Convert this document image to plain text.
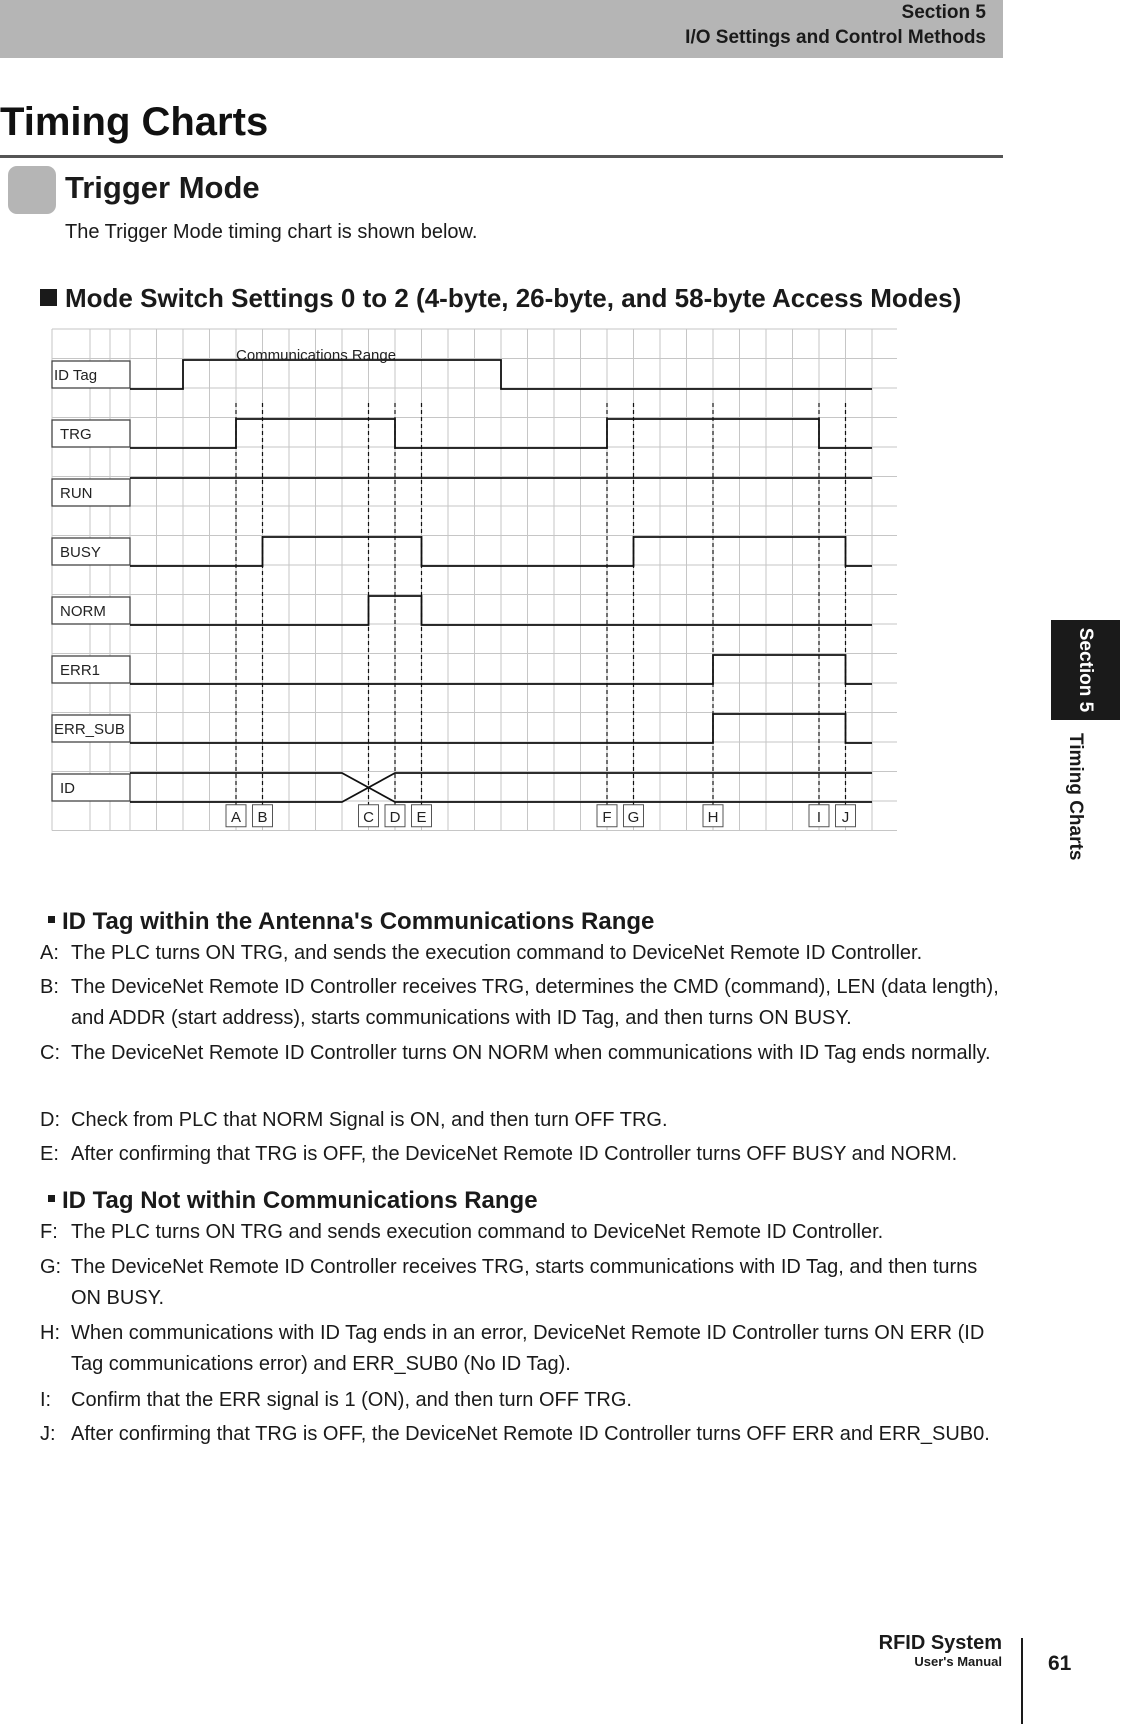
Section 5
I/O Settings and Control Methods
Timing Charts
Trigger Mode
The Trigger Mode timing chart is shown below.
Mode Switch Settings 0 to 2 (4-byte, 26-byte, and 58-byte Access Modes)
ID Tag
TRG
RUN
BUSY
NORM
ERR1
ERR_SUB
ID
Communications Range
A B	C D E	F G	H	I J
ID Tag within the Antenna's Communications Range
A: The PLC turns ON TRG, and sends the execution command to DeviceNet Remote ID Controller.
B: The DeviceNet Remote ID Controller receives TRG, determines the CMD (command), LEN (data length), and ADDR (start address), starts communications with ID Tag, and then turns ON BUSY.
C: The DeviceNet Remote ID Controller turns ON NORM when communications with ID Tag ends normally.
D: Check from PLC that NORM Signal is ON, and then turn OFF TRG.
E: After confirming that TRG is OFF, the DeviceNet Remote ID Controller turns OFF BUSY and NORM.
ID Tag Not within Communications Range
F: The PLC turns ON TRG and sends execution command to DeviceNet Remote ID Controller.
G: The DeviceNet Remote ID Controller receives TRG, starts communications with ID Tag, and then turns ON BUSY.
H: When communications with ID Tag ends in an error, DeviceNet Remote ID Controller turns ON ERR (ID Tag communications error) and ERR_SUB0 (No ID Tag).
I: Confirm that the ERR signal is 1 (ON), and then turn OFF TRG.
J: After confirming that TRG is OFF, the DeviceNet Remote ID Controller turns OFF ERR and ERR_SUB0.
Section 5
Timing Charts
RFID System
User's Manual 61
